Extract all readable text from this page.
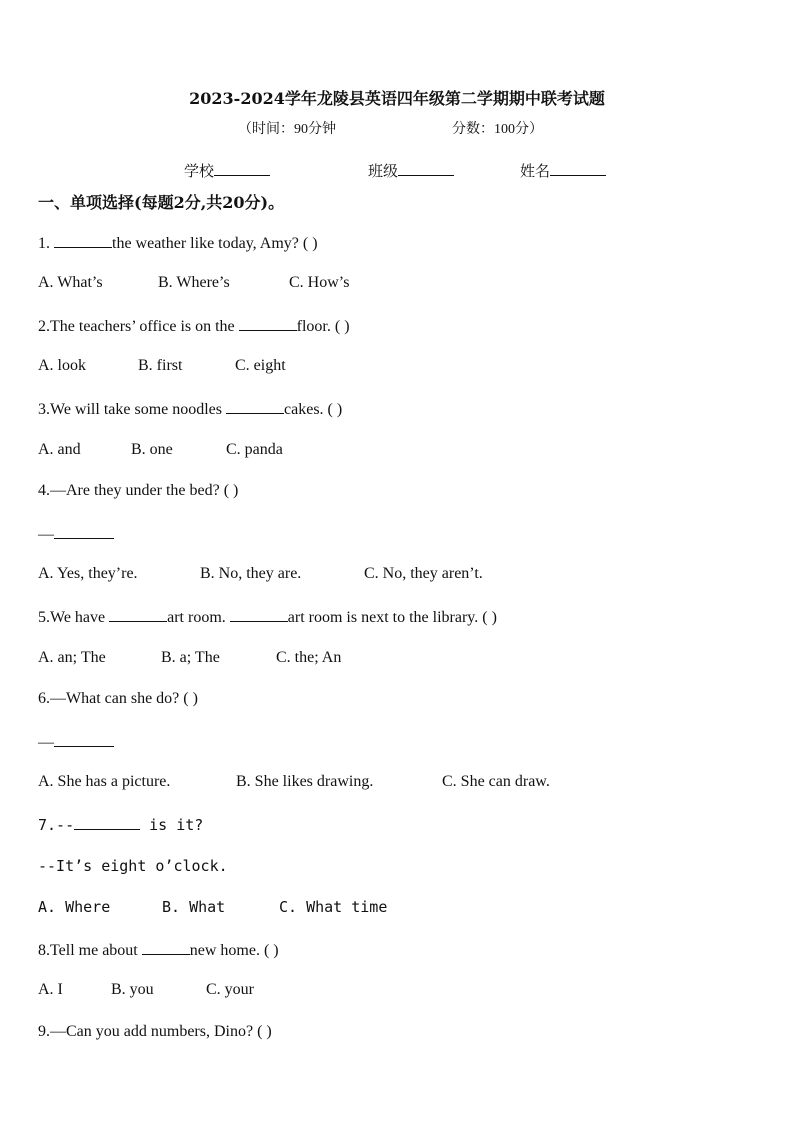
2023-2024学年龙陵县英语四年级第二学期期中联考试题
（时间：90分钟	分数：100分）
学校	班级	姓名
一、单项选择(每题2分,共20分)。
1.	the weather like today, Amy? ( )
A. What’s	B. Where’s	C. How’s
2.The teachers’ office is on the	floor. ( )
A. look	B. first	C. eight
3.We will take some noodles	cakes. ( )
A. and	B. one	C. panda
4.—Are they under the bed? ( )
—
A. Yes, they’re.	B. No, they are.	C. No, they aren’t.
5.We have	art room.	art room is next to the library. ( )
A. an; The	B. a; The	C. the; An
6.—What can she do? ( )
—
A. She has a picture.	B. She likes drawing.	C. She can draw.
7.--	is it?
--It’s eight o’clock.
A. Where	B. What	C. What time
8.Tell me about	new home. ( )
A. I	B. you	C. your
9.—Can you add numbers, Dino? ( )
